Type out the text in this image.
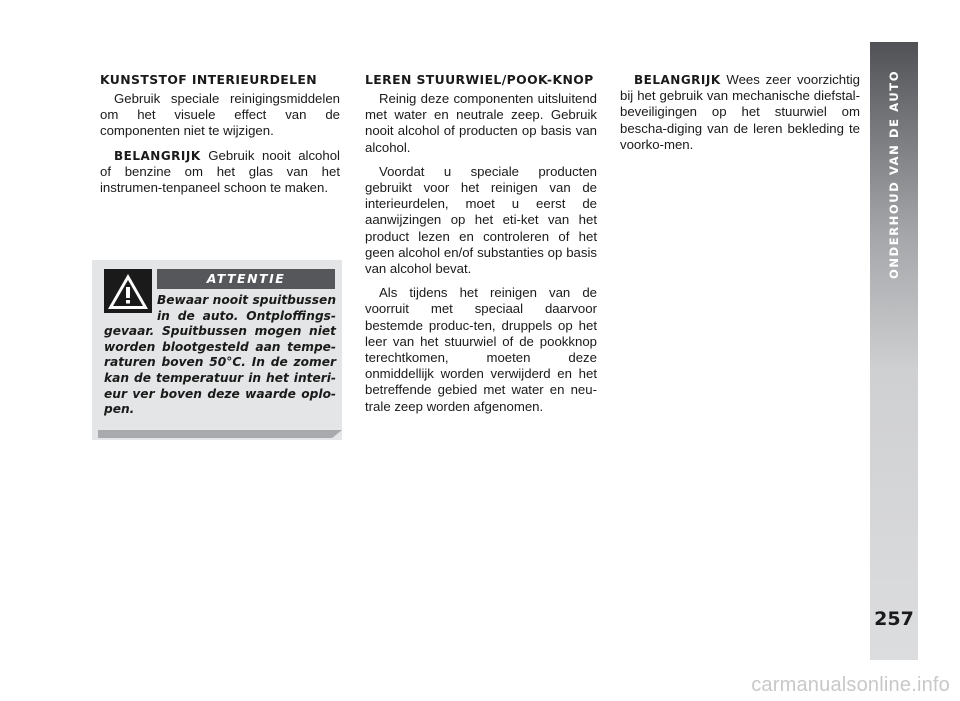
KUNSTSTOF INTERIEURDELEN

Gebruik speciale reinigingsmiddelen om het visuele effect van de componenten niet te wijzigen.

BELANGRIJK Gebruik nooit alcohol of benzine om het glas van het instrumen-tenpaneel schoon te maken.

ATTENTIE

Bewaar nooit spuitbussen in de auto. Ontploffings-gevaar. Spuitbussen mogen niet worden blootgesteld aan tempe-raturen boven 50°C. In de zomer kan de temperatuur in het interi-eur ver boven deze waarde oplo-pen.

LEREN STUURWIEL/POOK-KNOP

Reinig deze componenten uitsluitend met water en neutrale zeep. Gebruik nooit alcohol of producten op basis van alcohol.

Voordat u speciale producten gebruikt voor het reinigen van de interieurdelen, moet u eerst de aanwijzingen op het eti-ket van het product lezen en controleren of het geen alcohol en/of substanties op basis van alcohol bevat.

Als tijdens het reinigen van de voorruit met speciaal daarvoor bestemde produc-ten, druppels op het leer van het stuurwiel of de pookknop terechtkomen, moeten deze onmiddellijk worden verwijderd en het betreffende gebied met water en neu-trale zeep worden afgenomen.

BELANGRIJK Wees zeer voorzichtig bij het gebruik van mechanische diefstal-beveiligingen op het stuurwiel om bescha-diging van de leren bekleding te voorko-men.	ONDERHOUD VAN DE AUTO
257
carmanualsonline.info
